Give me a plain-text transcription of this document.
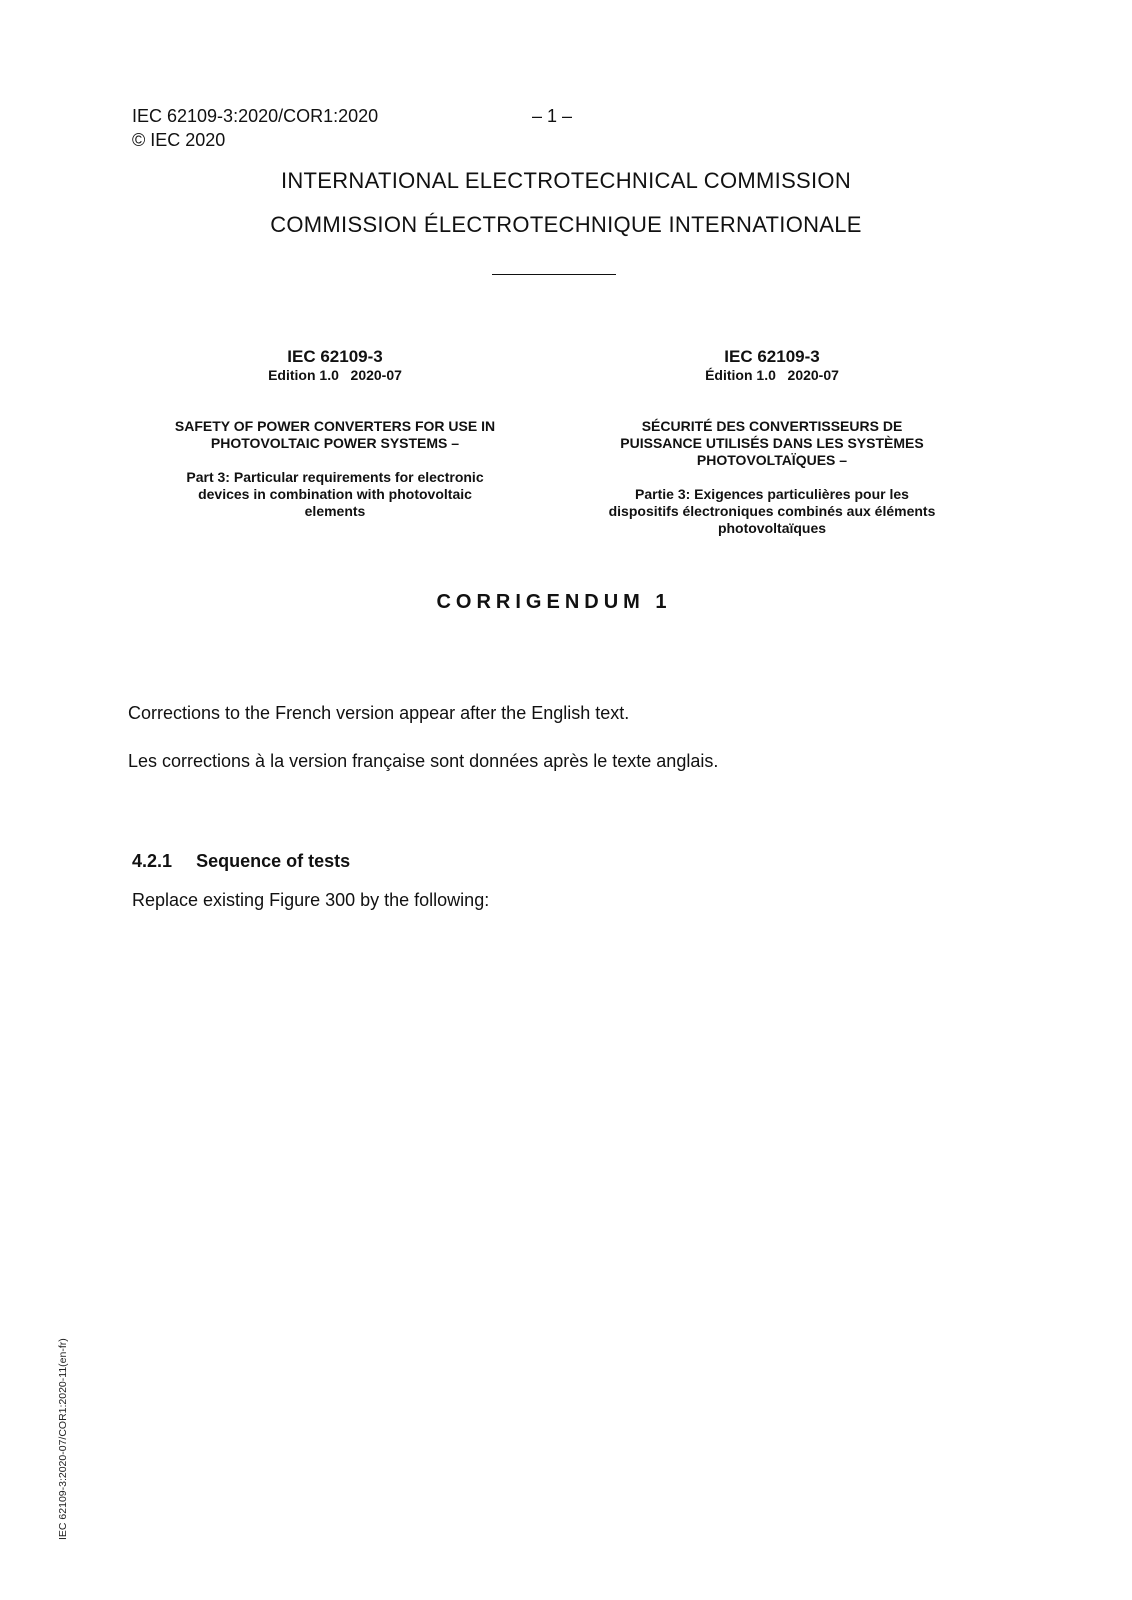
IEC 62109-3:2020/COR1:2020	– 1 –
© IEC 2020
INTERNATIONAL ELECTROTECHNICAL COMMISSION
COMMISSION ÉLECTROTECHNIQUE INTERNATIONALE
IEC 62109-3
Edition 1.0   2020-07
SAFETY OF POWER CONVERTERS FOR USE IN
PHOTOVOLTAIC POWER SYSTEMS –
Part 3: Particular requirements for electronic
devices in combination with photovoltaic
elements
IEC 62109-3
Édition 1.0   2020-07
SÉCURITÉ DES CONVERTISSEURS DE
PUISSANCE UTILISÉS DANS LES SYSTÈMES
PHOTOVOLTAÏQUES –
Partie 3: Exigences particulières pour les
dispositifs électroniques combinés aux éléments
photovoltaïques
CORRIGENDUM 1
Corrections to the French version appear after the English text.
Les corrections à la version française sont données après le texte anglais.
4.2.1 Sequence of tests
Replace existing Figure 300 by the following:
IEC 62109-3:2020-07/COR1:2020-11(en-fr)
